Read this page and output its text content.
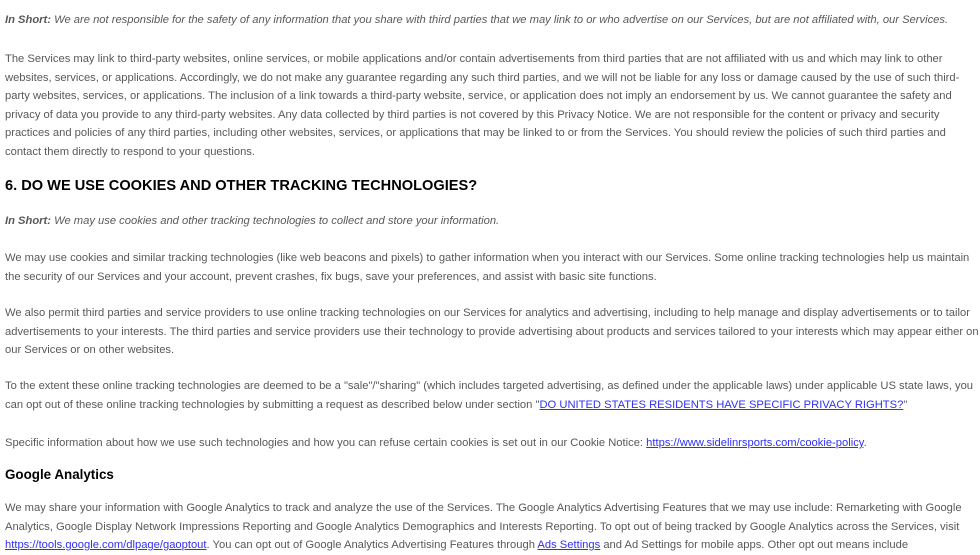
In Short: We are not responsible for the safety of any information that you share with third parties that we may link to or who advertise on our Services, but are not affiliated with, our Services.

The Services may link to third-party websites, online services, or mobile applications and/or contain advertisements from third parties that are not affiliated with us and which may link to other websites, services, or applications. Accordingly, we do not make any guarantee regarding any such third parties, and we will not be liable for any loss or damage caused by the use of such third-party websites, services, or applications. The inclusion of a link towards a third-party website, service, or application does not imply an endorsement by us. We cannot guarantee the safety and privacy of data you provide to any third-party websites. Any data collected by third parties is not covered by this Privacy Notice. We are not responsible for the content or privacy and security practices and policies of any third parties, including other websites, services, or applications that may be linked to or from the Services. You should review the policies of such third parties and contact them directly to respond to your questions.

6. DO WE USE COOKIES AND OTHER TRACKING TECHNOLOGIES?

In Short: We may use cookies and other tracking technologies to collect and store your information.

We may use cookies and similar tracking technologies (like web beacons and pixels) to gather information when you interact with our Services. Some online tracking technologies help us maintain the security of our Services and your account, prevent crashes, fix bugs, save your preferences, and assist with basic site functions.

We also permit third parties and service providers to use online tracking technologies on our Services for analytics and advertising, including to help manage and display advertisements or to tailor advertisements to your interests. The third parties and service providers use their technology to provide advertising about products and services tailored to your interests which may appear either on our Services or on other websites.

To the extent these online tracking technologies are deemed to be a "sale"/"sharing" (which includes targeted advertising, as defined under the applicable laws) under applicable US state laws, you can opt out of these online tracking technologies by submitting a request as described below under section "DO UNITED STATES RESIDENTS HAVE SPECIFIC PRIVACY RIGHTS?"

Specific information about how we use such technologies and how you can refuse certain cookies is set out in our Cookie Notice: https://www.sidelinrsports.com/cookie-policy.

Google Analytics

We may share your information with Google Analytics to track and analyze the use of the Services. The Google Analytics Advertising Features that we may use include: Remarketing with Google Analytics, Google Display Network Impressions Reporting and Google Analytics Demographics and Interests Reporting. To opt out of being tracked by Google Analytics across the Services, visit https://tools.google.com/dlpage/gaoptout. You can opt out of Google Analytics Advertising Features through Ads Settings and Ad Settings for mobile apps. Other opt out means include
